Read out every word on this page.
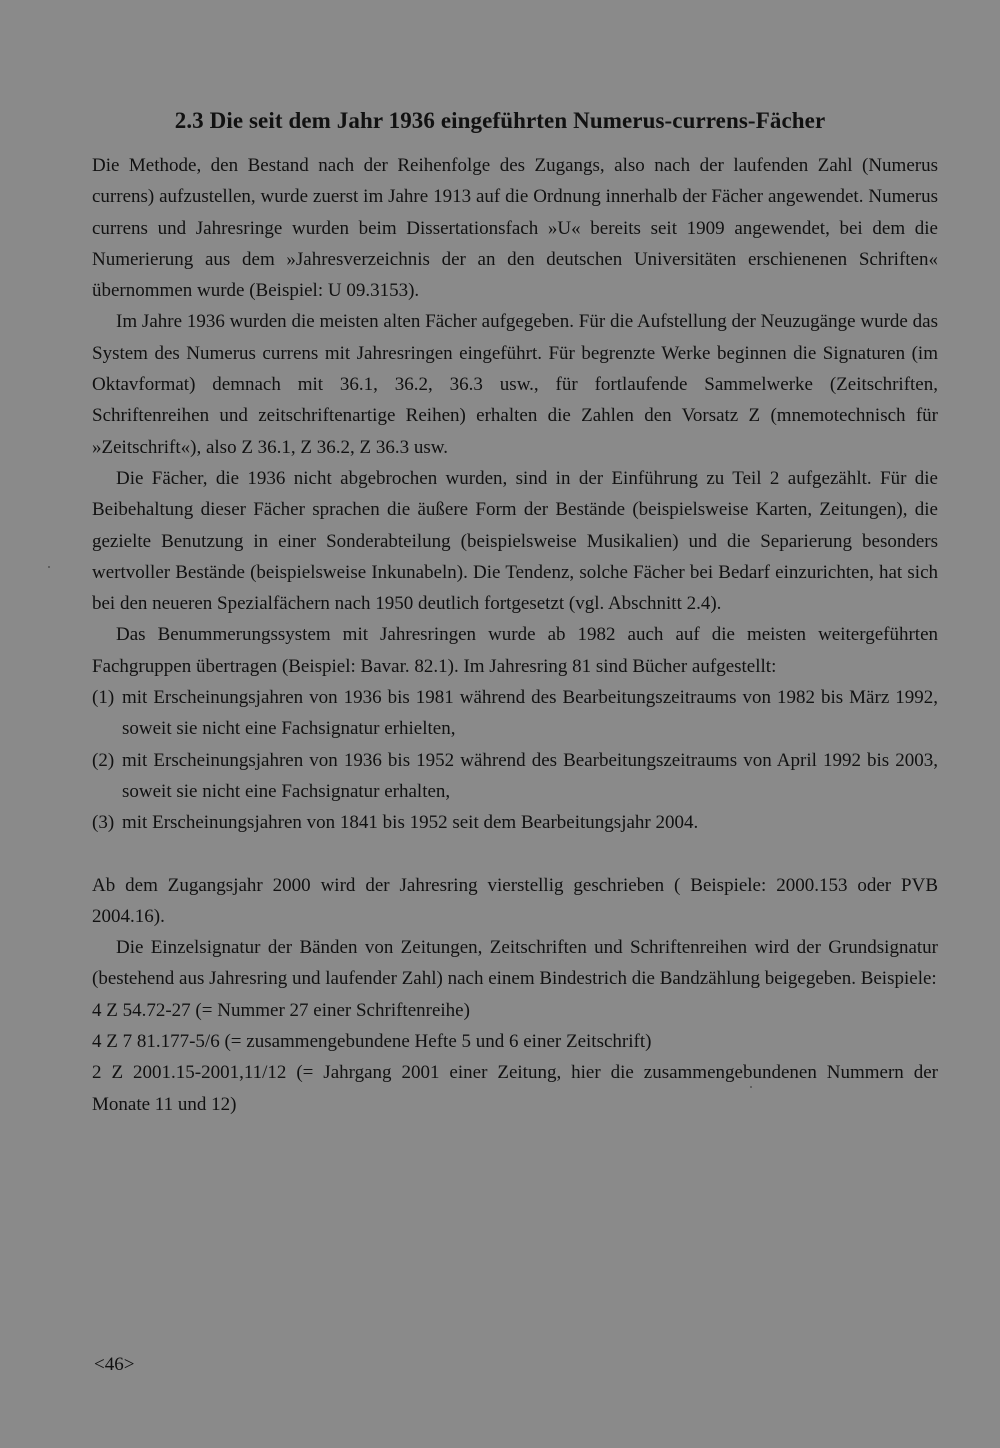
2.3 Die seit dem Jahr 1936 eingeführten Numerus-currens-Fächer

Die Methode, den Bestand nach der Reihenfolge des Zugangs, also nach der laufenden Zahl (Numerus currens) aufzustellen, wurde zuerst im Jahre 1913 auf die Ordnung innerhalb der Fächer angewendet. Numerus currens und Jahresringe wurden beim Dissertationsfach »U« bereits seit 1909 angewendet, bei dem die Numerierung aus dem »Jahresverzeichnis der an den deutschen Universitäten erschienenen Schriften« übernommen wurde (Beispiel: U 09.3153).

Im Jahre 1936 wurden die meisten alten Fächer aufgegeben. Für die Aufstellung der Neuzugänge wurde das System des Numerus currens mit Jahresringen eingeführt. Für begrenzte Werke beginnen die Signaturen (im Oktavformat) demnach mit 36.1, 36.2, 36.3 usw., für fortlaufende Sammelwerke (Zeitschriften, Schriftenreihen und zeitschriftenartige Reihen) erhalten die Zahlen den Vorsatz Z (mnemotechnisch für »Zeitschrift«), also Z 36.1, Z 36.2, Z 36.3 usw.

Die Fächer, die 1936 nicht abgebrochen wurden, sind in der Einführung zu Teil 2 aufgezählt. Für die Beibehaltung dieser Fächer sprachen die äußere Form der Bestände (beispielsweise Karten, Zeitungen), die gezielte Benutzung in einer Sonderabteilung (beispielsweise Musikalien) und die Separierung besonders wertvoller Bestände (beispielsweise Inkunabeln). Die Tendenz, solche Fächer bei Bedarf einzurichten, hat sich bei den neueren Spezialfächern nach 1950 deutlich fortgesetzt (vgl. Abschnitt 2.4).

Das Benummerungssystem mit Jahresringen wurde ab 1982 auch auf die meisten weitergeführten Fachgruppen übertragen (Beispiel: Bavar. 82.1). Im Jahresring 81 sind Bücher aufgestellt:

(1) mit Erscheinungsjahren von 1936 bis 1981 während des Bearbeitungszeitraums von 1982 bis März 1992, soweit sie nicht eine Fachsignatur erhielten,
(2) mit Erscheinungsjahren von 1936 bis 1952 während des Bearbeitungszeitraums von April 1992 bis 2003, soweit sie nicht eine Fachsignatur erhalten,
(3) mit Erscheinungsjahren von 1841 bis 1952 seit dem Bearbeitungsjahr 2004.

Ab dem Zugangsjahr 2000 wird der Jahresring vierstellig geschrieben ( Beispiele: 2000.153 oder PVB 2004.16).

Die Einzelsignatur der Bänden von Zeitungen, Zeitschriften und Schriftenreihen wird der Grundsignatur (bestehend aus Jahresring und laufender Zahl) nach einem Bindestrich die Bandzählung beigegeben. Beispiele:

4 Z 54.72-27 (= Nummer 27 einer Schriftenreihe)

4 Z 7 81.177-5/6 (= zusammengebundene Hefte 5 und 6 einer Zeitschrift)

2 Z 2001.15-2001,11/12 (= Jahrgang 2001 einer Zeitung, hier die zusammengebundenen Nummern der Monate 11 und 12)

<46>
